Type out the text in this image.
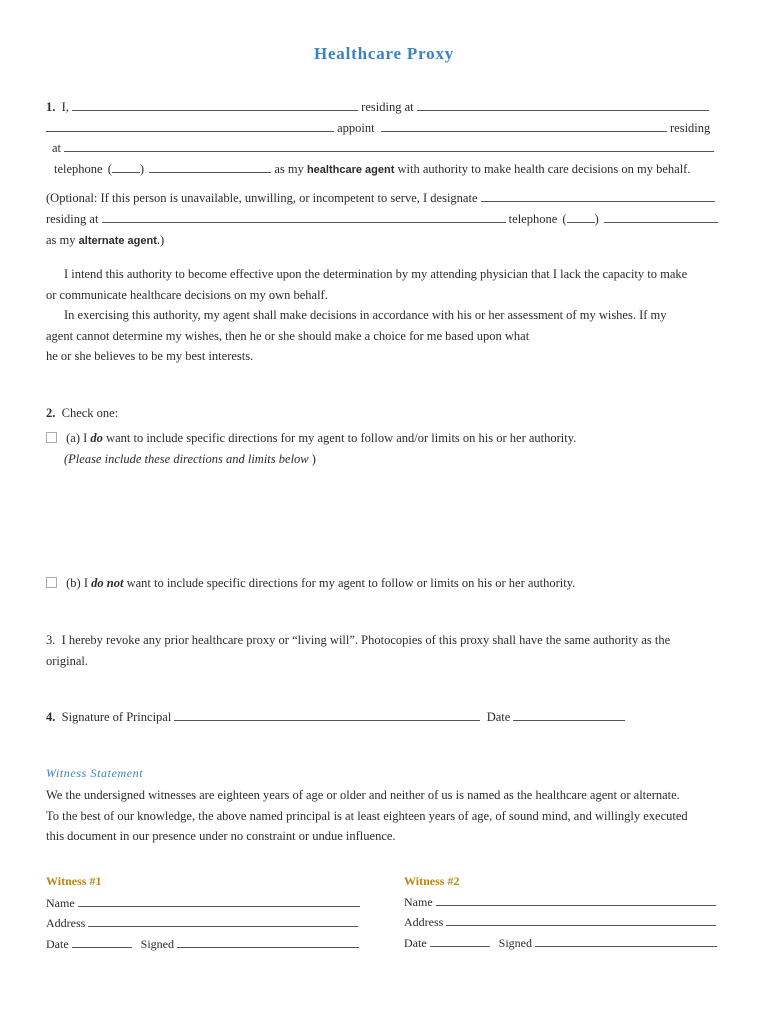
Healthcare Proxy
1. I,	residing at
appoint	residing
at
telephone ( )	as my healthcare agent with authority to make health care decisions on my behalf.
(Optional: If this person is unavailable, unwilling, or incompetent to serve, I designate
residing at	telephone ( )
as my alternate agent.)
I intend this authority to become effective upon the determination by my attending physician that I lack the capacity to make
or communicate healthcare decisions on my own behalf.
In exercising this authority, my agent shall make decisions in accordance with his or her assessment of my wishes. If my
agent cannot determine my wishes, then he or she should make a choice for me based upon what
he or she believes to be my best interests.
2. Check one:
(a) I do want to include specific directions for my agent to follow and/or limits on his or her authority.
(Please include these directions and limits below )
(b) I do not want to include specific directions for my agent to follow or limits on his or her authority.
3. I hereby revoke any prior healthcare proxy or “living will”. Photocopies of this proxy shall have the same authority as the
original.
4. Signature of Principal	Date
Witness Statement
We the undersigned witnesses are eighteen years of age or older and neither of us is named as the healthcare agent or alternate.
To the best of our knowledge, the above named principal is at least eighteen years of age, of sound mind, and willingly executed
this document in our presence under no constraint or undue influence.
Witness #1
Name
Address
Date	Signed
Witness #2
Name
Address
Date	Signed
